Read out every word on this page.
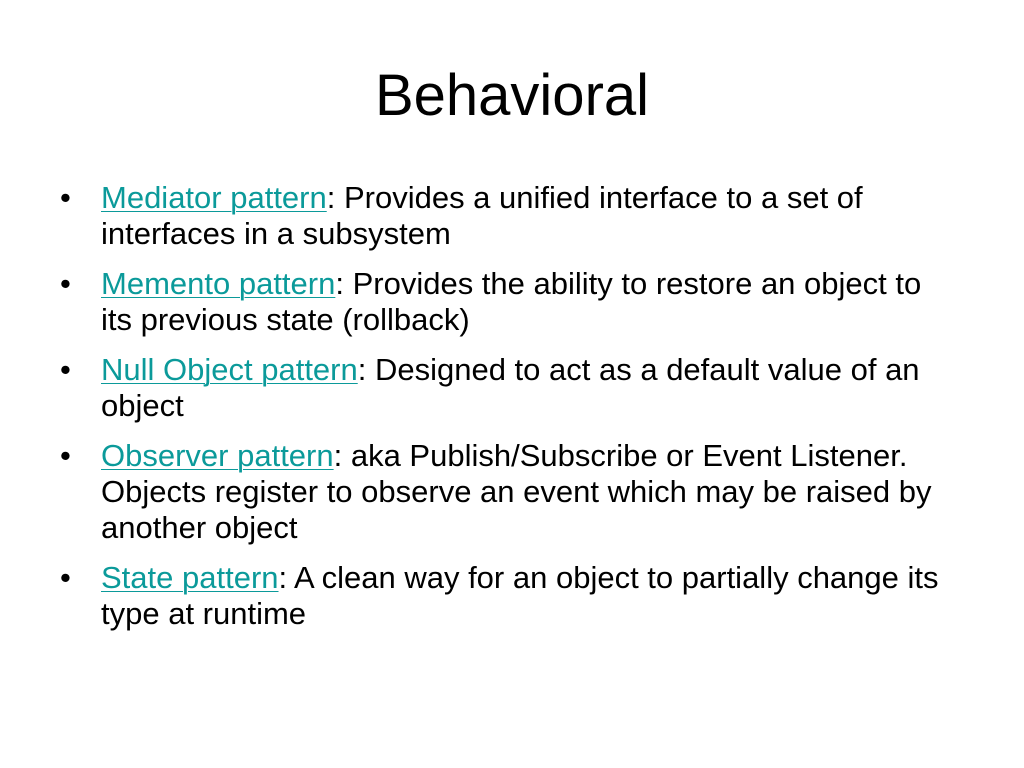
Behavioral
• Mediator pattern: Provides a unified interface to a set of interfaces in a subsystem
• Memento pattern: Provides the ability to restore an object to its previous state (rollback)
• Null Object pattern: Designed to act as a default value of an object
• Observer pattern: aka Publish/Subscribe or Event Listener. Objects register to observe an event which may be raised by another object
• State pattern: A clean way for an object to partially change its type at runtime
